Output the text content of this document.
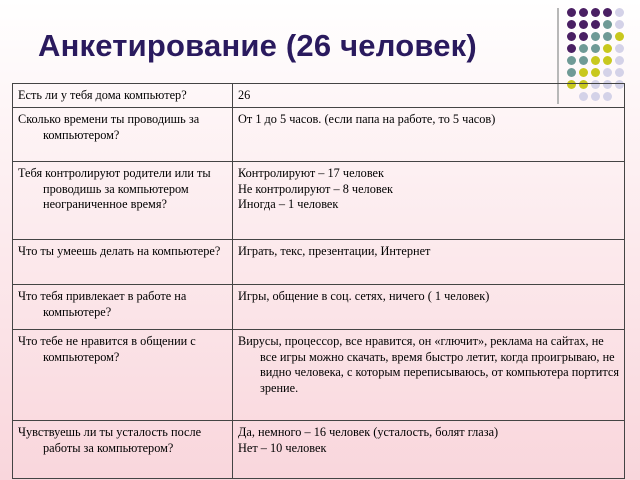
Анкетирование (26 человек)
Есть ли у тебя дома компьютер?	26

Сколько времени ты проводишь за компьютером?	От 1 до 5 часов. (если папа на работе, то 5 часов)

Тебя контролируют родители или ты проводишь за компьютером неограниченное время?	Контролируют – 17 человек
Не контролируют – 8 человек
Иногда – 1 человек

Что ты умеешь делать на компьютере?	Играть, текс, презентации, Интернет

Что тебя привлекает в работе на компьютере?	Игры, общение в соц. сетях, ничего ( 1 человек)

Что тебе не нравится в общении с компьютером?	Вирусы, процессор, все нравится, он «глючит», реклама на сайтах, не все игры можно скачать, время быстро летит, когда проигрываю, не видно человека, с которым переписываюсь, от компьютера портится зрение.

Чувствуешь ли ты усталость после работы за компьютером?	Да, немного – 16 человек (усталость, болят глаза)
Нет – 10 человек
